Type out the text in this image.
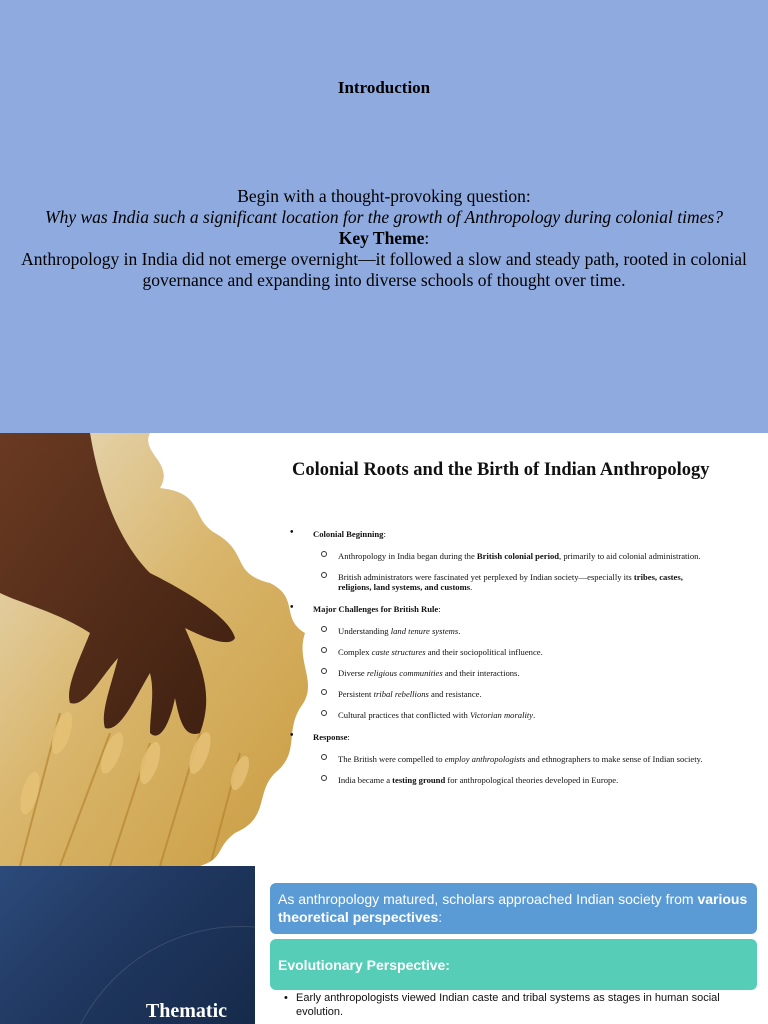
Introduction

Begin with a thought-provoking question:

Why was India such a significant location for the growth of Anthropology during colonial times?

Key Theme:

Anthropology in India did not emerge overnight—it followed a slow and steady path, rooted in colonial governance and expanding into diverse schools of thought over time.

Colonial Roots and the Birth of Indian Anthropology
• Colonial Beginning:
Anthropology in India began during the British colonial period, primarily to aid colonial administration.
British administrators were fascinated yet perplexed by Indian society—especially its tribes, castes, religions, land systems, and customs.
• Major Challenges for British Rule:
Understanding land tenure systems.
Complex caste structures and their sociopolitical influence.
Diverse religious communities and their interactions.
Persistent tribal rebellions and resistance.
Cultural practices that conflicted with Victorian morality.
• Response:
The British were compelled to employ anthropologists and ethnographers to make sense of Indian society.
India became a testing ground for anthropological theories developed in Europe.
Thematic
As anthropology matured, scholars approached Indian society from various theoretical perspectives:
Evolutionary Perspective:
• Early anthropologists viewed Indian caste and tribal systems as stages in human social evolution.
